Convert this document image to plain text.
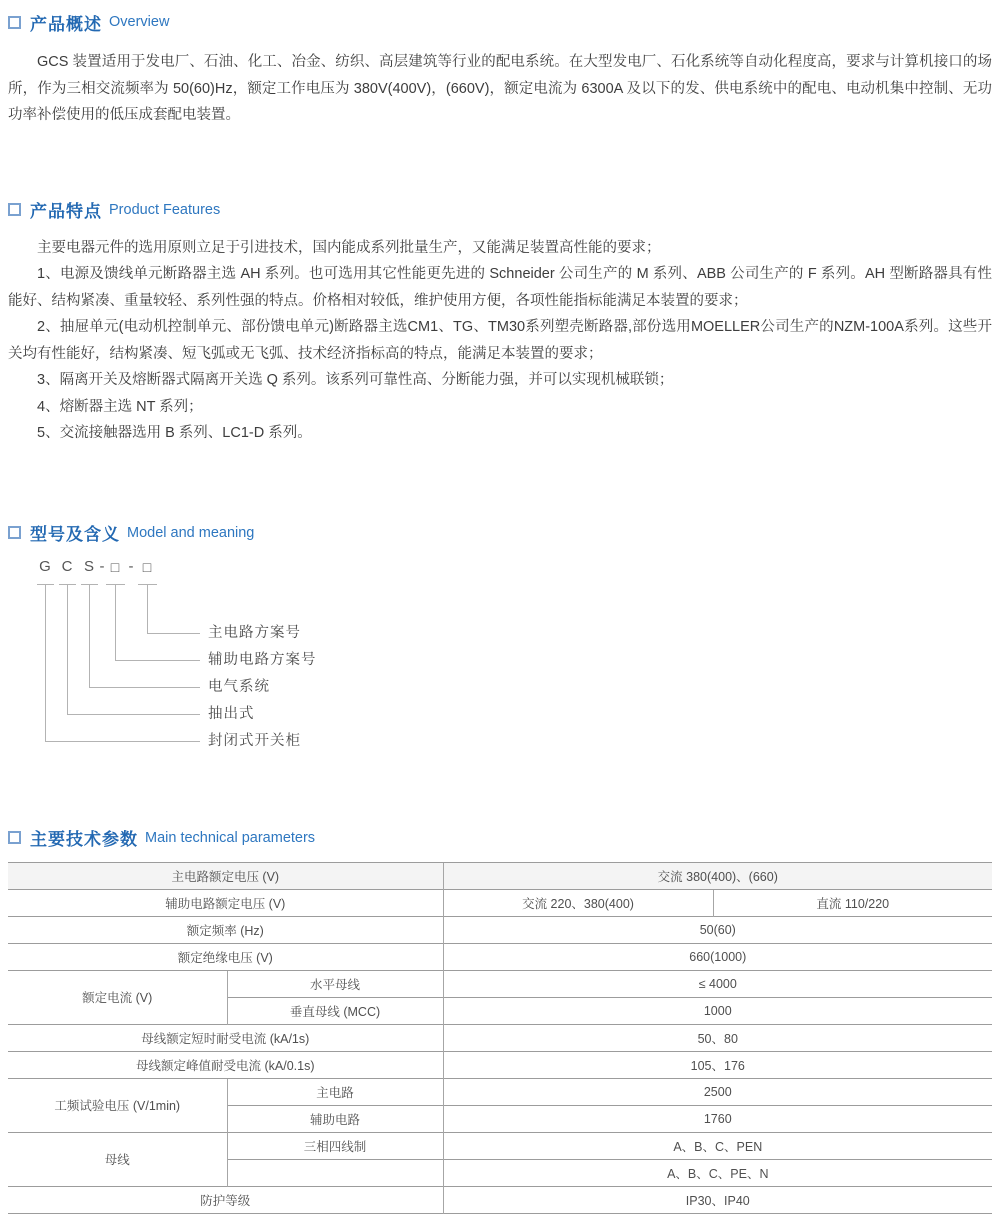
产品概述 Overview

GCS 装置适用于发电厂、石油、化工、冶金、纺织、高层建筑等行业的配电系统。在大型发电厂、石化系统等自动化程度高，要求与计算机接口的场所，作为三相交流频率为 50(60)Hz，额定工作电压为 380V(400V)，(660V)，额定电流为 6300A 及以下的发、供电系统中的配电、电动机集中控制、无功功率补偿使用的低压成套配电装置。

产品特点 Product Features

主要电器元件的选用原则立足于引进技术，国内能成系列批量生产，又能满足装置高性能的要求；

1、电源及馈线单元断路器主选 AH 系列。也可选用其它性能更先进的 Schneider 公司生产的 M 系列、ABB 公司生产的 F 系列。AH 型断路器具有性能好、结构紧凑、重量较轻、系列性强的特点。价格相对较低，维护使用方便，各项性能指标能满足本装置的要求；

2、抽屉单元(电动机控制单元、部份馈电单元)断路器主选CM1、TG、TM30系列塑壳断路器,部份选用MOELLER公司生产的NZM-100A系列。这些开关均有性能好，结构紧凑、短飞弧或无飞弧、技术经济指标高的特点，能满足本装置的要求；

3、隔离开关及熔断器式隔离开关选 Q 系列。该系列可靠性高、分断能力强，并可以实现机械联锁；

4、熔断器主选 NT 系列；

5、交流接触器选用 B 系列、LC1-D 系列。

型号及含义 Model and meaning
G C S - □ - □
主电路方案号
辅助电路方案号
电气系统
抽出式
封闭式开关柜
主要技术参数 Main technical parameters
主电路额定电压 (V)		交流 380(400)、(660)	
辅助电路额定电压 (V)		交流 220、380(400)	直流 110/220
额定频率 (Hz)		50(60)	
额定绝缘电压 (V)		660(1000)	
额定电流 (V)	水平母线	≤ 4000	
	垂直母线 (MCC)	1000	
母线额定短时耐受电流 (kA/1s)		50、80	
母线额定峰值耐受电流 (kA/0.1s)		105、176	
工频试验电压 (V/1min)	主电路	2500	
	辅助电路	1760	
母线	三相四线制	A、B、C、PEN	
		A、B、C、PE、N	
防护等级		IP30、IP40	
